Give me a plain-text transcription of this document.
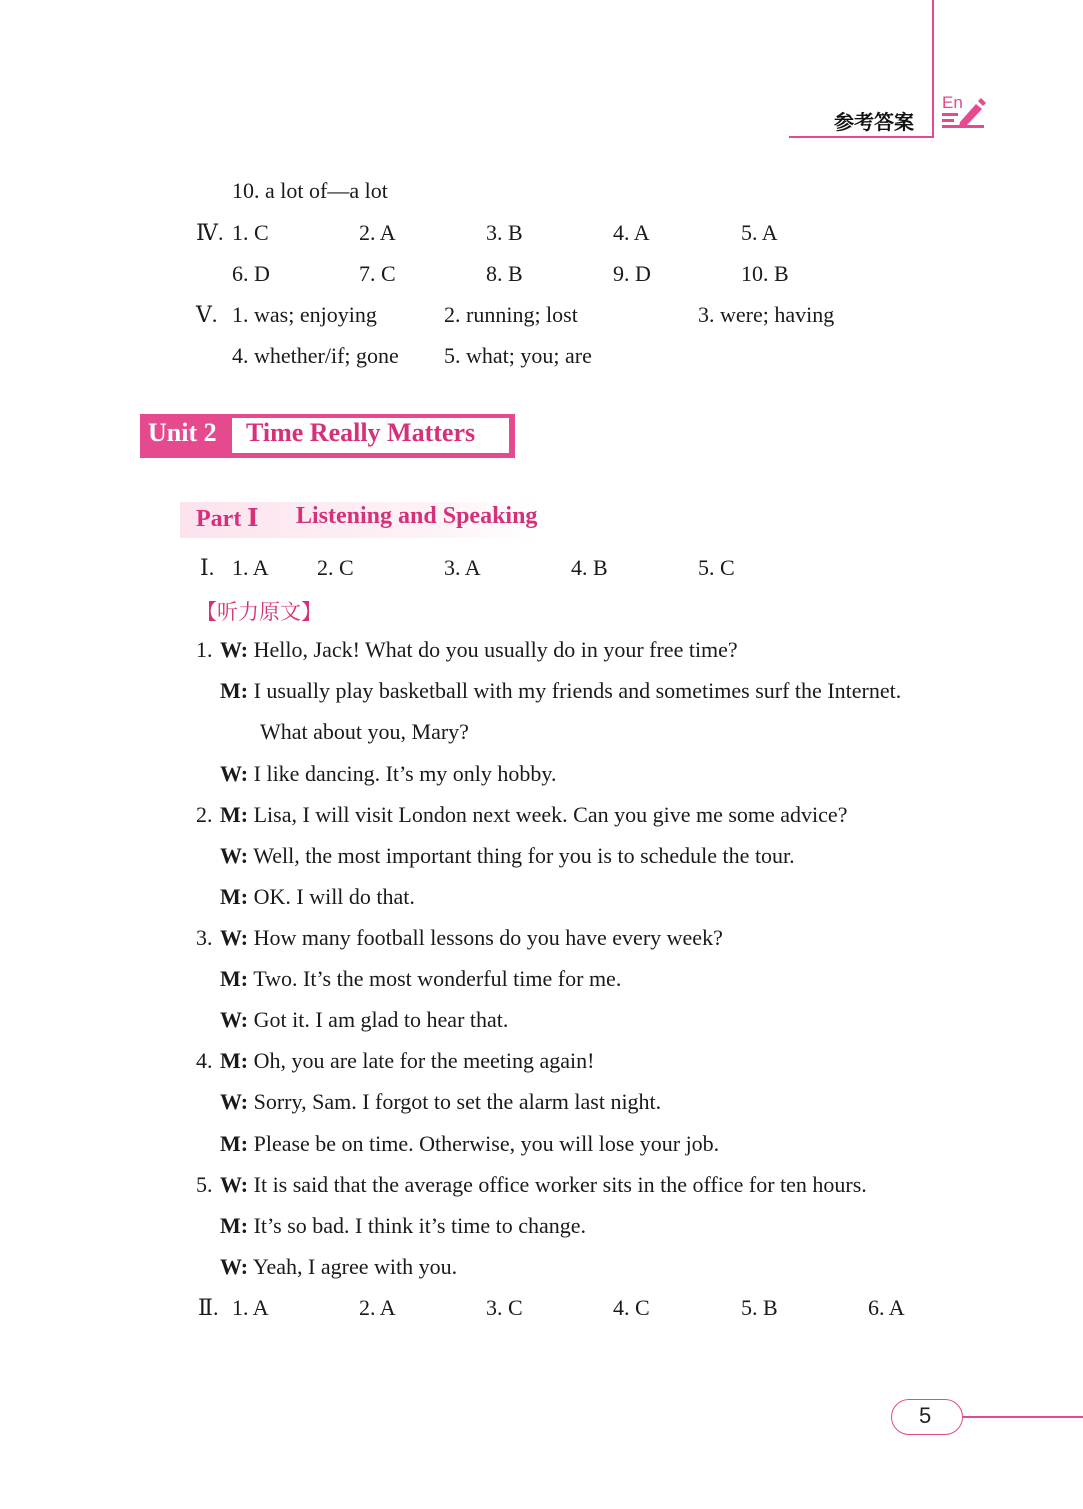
参考答案
En
10. a lot of—a lot
Ⅳ. 1. C	2. A	3. B	4. A	5. A
6. D	7. C	8. B	9. D	10. B
Ⅴ. 1. was; enjoying	2. running; lost	3. were; having
4. whether/if; gone 5. what; you; are
Unit 2 Time Really Matters
Part Ⅰ Listening and Speaking
Ⅰ. 1. A 2. C	3. A	4. B	5. C
【听力原文】
1. W: Hello, Jack! What do you usually do in your free time?
M: I usually play basketball with my friends and sometimes surf the Internet.
What about you, Mary?
W: I like dancing. It’s my only hobby.
2. M: Lisa, I will visit London next week. Can you give me some advice?
W: Well, the most important thing for you is to schedule the tour.
M: OK. I will do that.
3. W: How many football lessons do you have every week?
M: Two. It’s the most wonderful time for me.
W: Got it. I am glad to hear that.
4. M: Oh, you are late for the meeting again!
W: Sorry, Sam. I forgot to set the alarm last night.
M: Please be on time. Otherwise, you will lose your job.
5. W: It is said that the average office worker sits in the office for ten hours.
M: It’s so bad. I think it’s time to change.
W: Yeah, I agree with you.
Ⅱ. 1. A	2. A	3. C	4. C	5. B	6. A
5
